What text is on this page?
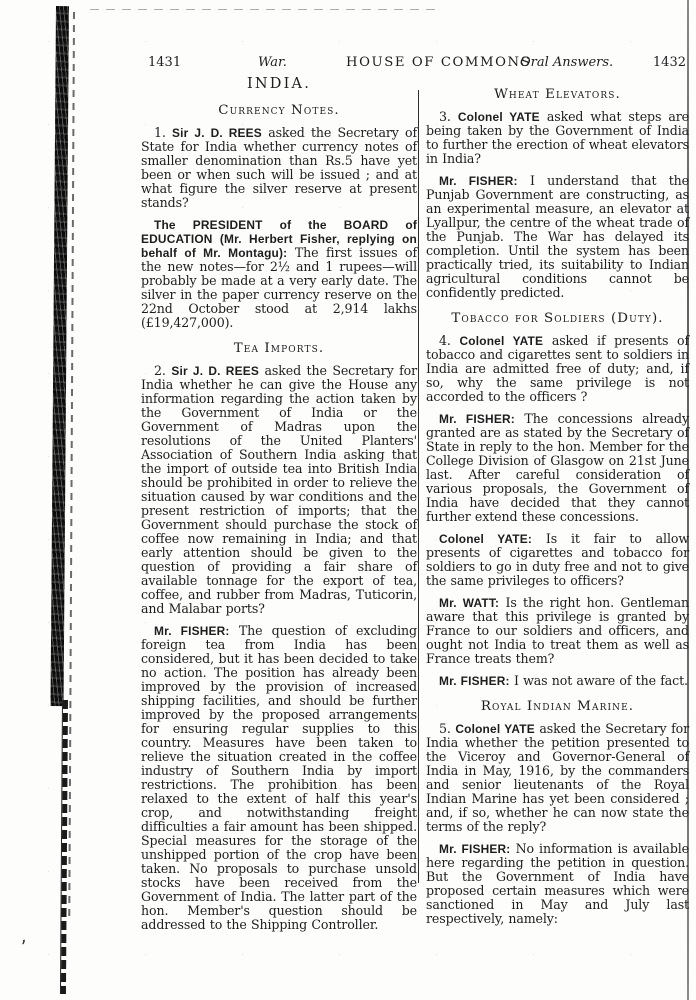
,
1431	War.	HOUSE OF COMMONS
Oral Answers.	1432
INDIA.
Currency Notes.

1. Sir J. D. REES asked the Secretary of State for India whether currency notes of smaller denomination than Rs.5 have yet been or when such will be issued ; and at what figure the silver reserve at present stands?

The PRESIDENT of the BOARD of EDUCATION (Mr. Herbert Fisher, replying on behalf of Mr. Montagu): The first issues of the new notes—for 2½ and 1 rupees—will probably be made at a very early date. The silver in the paper currency reserve on the 22nd October stood at 2,914 lakhs (£19,427,000).

Tea Imports.

2. Sir J. D. REES asked the Secretary for India whether he can give the House any information regarding the action taken by the Government of India or the Government of Madras upon the resolutions of the United Planters' Association of Southern India asking that the import of outside tea into British India should be prohibited in order to relieve the situation caused by war conditions and the present restriction of imports; that the Government should purchase the stock of coffee now remaining in India; and that early attention should be given to the question of providing a fair share of available tonnage for the export of tea, coffee, and rubber from Madras, Tuticorin, and Malabar ports?

Mr. FISHER: The question of excluding foreign tea from India has been considered, but it has been decided to take no action. The position has already been improved by the provision of increased shipping facilities, and should be further improved by the proposed arrangements for ensuring regular supplies to this country. Measures have been taken to relieve the situation created in the coffee industry of Southern India by import restrictions. The prohibition has been relaxed to the extent of half this year's crop, and notwithstanding freight difficulties a fair amount has been shipped. Special measures for the storage of the unshipped portion of the crop have been taken. No proposals to purchase unsold stocks have been received from the Government of India. The latter part of the hon. Member's question should be addressed to the Shipping Controller.

Wheat Elevators.

3. Colonel YATE asked what steps are being taken by the Government of India to further the erection of wheat elevators in India?

Mr. FISHER: I understand that the Punjab Government are constructing, as an experimental measure, an elevator at Lyallpur, the centre of the wheat trade of the Punjab. The War has delayed its completion. Until the system has been practically tried, its suitability to Indian agricultural conditions cannot be confidently predicted.

Tobacco for Soldiers (Duty).

4. Colonel YATE asked if presents of tobacco and cigarettes sent to soldiers in India are admitted free of duty; and, if so, why the same privilege is not accorded to the officers ?

Mr. FISHER: The concessions already granted are as stated by the Secretary of State in reply to the hon. Member for the College Division of Glasgow on 21st June last. After careful consideration of various proposals, the Government of India have decided that they cannot further extend these concessions.

Colonel YATE: Is it fair to allow presents of cigarettes and tobacco for soldiers to go in duty free and not to give the same privileges to officers?

Mr. WATT: Is the right hon. Gentleman aware that this privilege is granted by France to our soldiers and officers, and ought not India to treat them as well as France treats them?

Mr. FISHER: I was not aware of the fact.

Royal Indian Marine.

5. Colonel YATE asked the Secretary for India whether the petition presented to the Viceroy and Governor-General of India in May, 1916, by the commanders and senior lieutenants of the Royal Indian Marine has yet been considered ; and, if so, whether he can now state the terms of the reply?

Mr. FISHER: No information is available here regarding the petition in question. But the Government of India have proposed certain measures which were sanctioned in May and July last respectively, namely:
